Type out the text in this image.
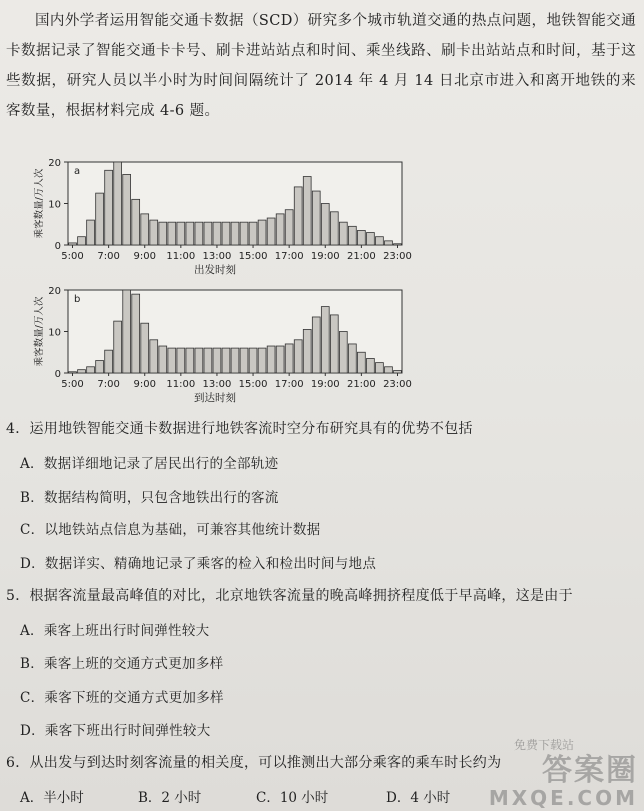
国内外学者运用智能交通卡数据（SCD）研究多个城市轨道交通的热点问题，地铁智能交通卡数据记录了智能交通卡卡号、刷卡进站站点和时间、乘坐线路、刷卡出站站点和时间，基于这些数据，研究人员以半小时为时间间隔统计了 2014 年 4 月 14 日北京市进入和离开地铁的来客数量，根据材料完成 4-6 题。
a
0
10
20
5:00 7:00 9:00 11:00 13:00 15:00 17:00 19:00 21:00 23:00
出发时刻
乘客数量/万人次
b
0
10
20
5:00 7:00 9:00 11:00 13:00 15:00 17:00 19:00 21:00 23:00
到达时刻
乘客数量/万人次
4．运用地铁智能交通卡数据进行地铁客流时空分布研究具有的优势不包括
A．数据详细地记录了居民出行的全部轨迹
B．数据结构简明，只包含地铁出行的客流
C．以地铁站点信息为基础，可兼容其他统计数据
D．数据详实、精确地记录了乘客的检入和检出时间与地点
5．根据客流量最高峰值的对比，北京地铁客流量的晚高峰拥挤程度低于早高峰，这是由于
A．乘客上班出行时间弹性较大
B．乘客上班的交通方式更加多样
C．乘客下班的交通方式更加多样
D．乘客下班出行时间弹性较大
6．从出发与到达时刻客流量的相关度，可以推测出大部分乘客的乘车时长约为
A．半小时	B．2 小时	C．10 小时	D．4 小时
答案圈
MXQE.COM
免费下载站
